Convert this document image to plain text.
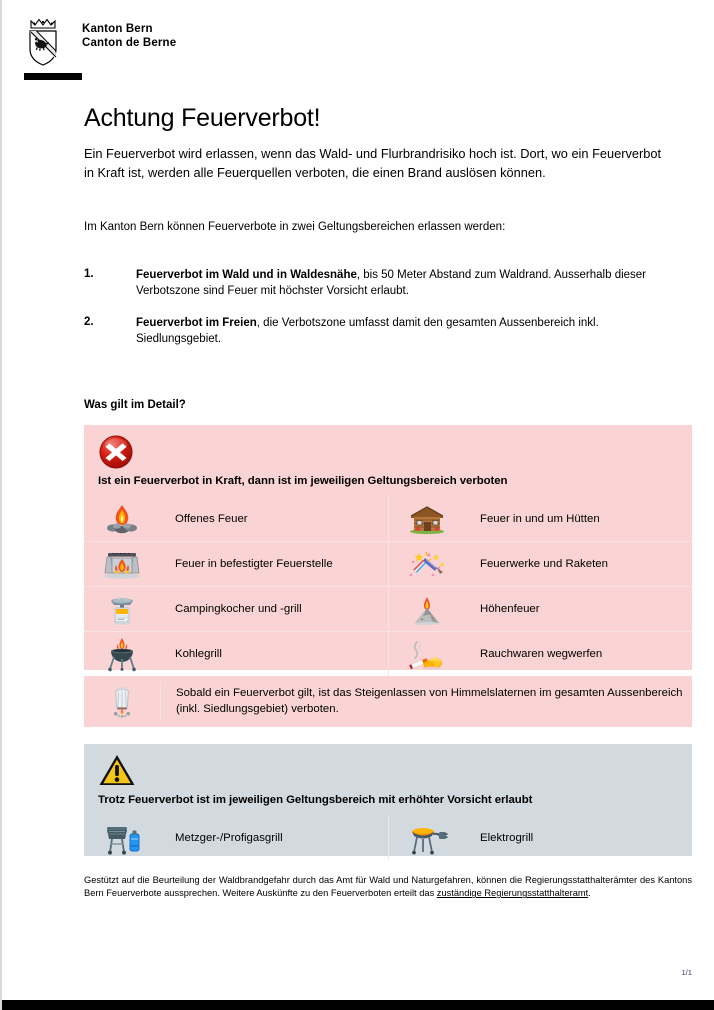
Kanton Bern
Canton de Berne
Achtung Feuerverbot!
Ein Feuerverbot wird erlassen, wenn das Wald- und Flurbrandrisiko hoch ist. Dort, wo ein Feuerverbot in Kraft ist, werden alle Feuerquellen verboten, die einen Brand auslösen können.
Im Kanton Bern können Feuerverbote in zwei Geltungsbereichen erlassen werden:
1.	Feuerverbot im Wald und in Waldesnähe, bis 50 Meter Abstand zum Waldrand. Ausserhalb dieser Verbotszone sind Feuer mit höchster Vorsicht erlaubt.
2.	Feuerverbot im Freien, die Verbotszone umfasst damit den gesamten Aussenbereich inkl. Siedlungsgebiet.
Was gilt im Detail?
Ist ein Feuerverbot in Kraft, dann ist im jeweiligen Geltungsbereich verboten
Offenes Feuer	Feuer in und um Hütten
Feuer in befestigter Feuerstelle	Feuerwerke und Raketen
Campingkocher und -grill	Höhenfeuer
Kohlegrill	Rauchwaren wegwerfen
Sobald ein Feuerverbot gilt, ist das Steigenlassen von Himmelslaternen im gesamten Aussenbereich (inkl. Siedlungsgebiet) verboten.
Trotz Feuerverbot ist im jeweiligen Geltungsbereich mit erhöhter Vorsicht erlaubt
Metzger-/Profigasgrill	Elektrogrill
Gestützt auf die Beurteilung der Waldbrandgefahr durch das Amt für Wald und Naturgefahren, können die Regierungsstatthalterämter des Kantons Bern Feuerverbote aussprechen. Weitere Auskünfte zu den Feuerverboten erteilt das zuständige Regierungsstatthalteramt.
1/1
